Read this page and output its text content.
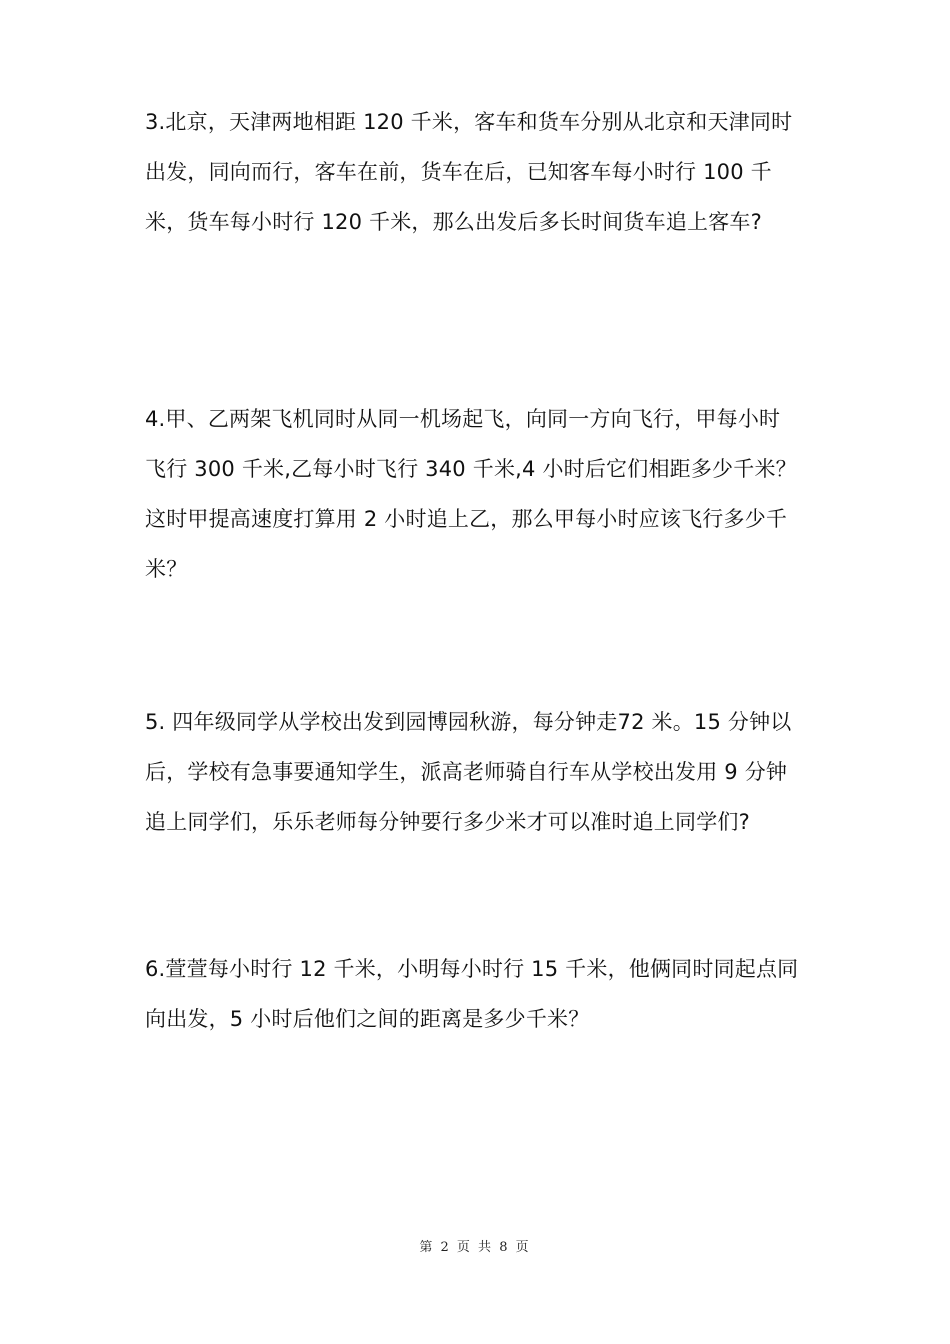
3.北京，天津两地相距 120 千米，客车和货车分别从北京和天津同时
出发，同向而行，客车在前，货车在后，已知客车每小时行 100 千
米，货车每小时行 120 千米，那么出发后多长时间货车追上客车?
4.甲、乙两架飞机同时从同一机场起飞，向同一方向飞行，甲每小时
飞行 300 千米,乙每小时飞行 340 千米,4 小时后它们相距多少千米？
这时甲提高速度打算用 2 小时追上乙，那么甲每小时应该飞行多少千
米？
5. 四年级同学从学校出发到园博园秋游，每分钟走72 米。15 分钟以
后，学校有急事要通知学生，派高老师骑自行车从学校出发用 9 分钟
追上同学们，乐乐老师每分钟要行多少米才可以准时追上同学们?
6.萱萱每小时行 12 千米，小明每小时行 15 千米，他俩同时同起点同
向出发，5 小时后他们之间的距离是多少千米？
第 2 页 共 8 页
